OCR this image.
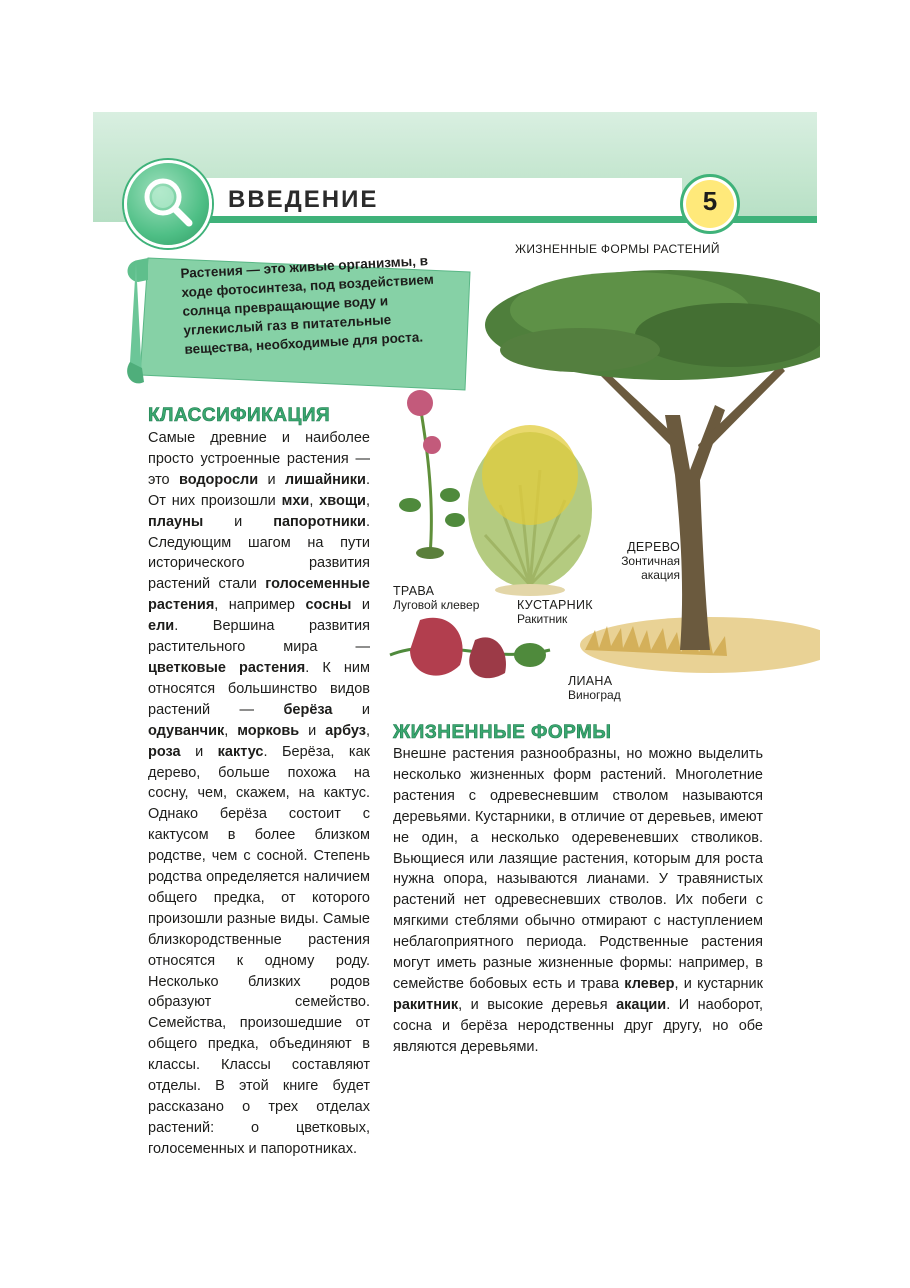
ВВЕДЕНИЕ	5
Растения — это живые организмы, в ходе фотосинтеза, под воздействием солнца превращающие воду и углекислый газ в питательные вещества, необходимые для роста.
ЖИЗНЕННЫЕ ФОРМЫ РАСТЕНИЙ
ДЕРЕВО
Зонтичная
акация
ТРАВА
Луговой клевер	КУСТАРНИК
Ракитник
ЛИАНА
Виноград
КЛАССИФИКАЦИЯ
Самые древние и наиболее просто устроенные растения — это водоросли и лишайники. От них произошли мхи, хвощи, плауны и папоротники. Следующим шагом на пути исторического развития растений стали голосеменные растения, например сосны и ели. Вершина развития растительного мира — цветковые растения. К ним относятся большинство видов растений — берёза и одуванчик, морковь и арбуз, роза и кактус. Берёза, как дерево, больше похожа на сосну, чем, скажем, на кактус. Однако берёза состоит с кактусом в более близком родстве, чем с сосной. Степень родства определяется наличием общего предка, от которого произошли разные виды. Самые близкородственные растения относятся к одному роду. Несколько близких родов образуют семейство. Семейства, произошедшие от общего предка, объединяют в классы. Классы составляют отделы. В этой книге будет рассказано о трех отделах растений: о цветковых, голосеменных и папоротниках.
ЖИЗНЕННЫЕ ФОРМЫ
Внешне растения разнообразны, но можно выделить несколько жизненных форм растений. Многолетние растения с одревесневшим стволом называются деревьями. Кустарники, в отличие от деревьев, имеют не один, а несколько одеревеневших стволиков. Вьющиеся или лазящие растения, которым для роста нужна опора, называются лианами. У травянистых растений нет одревесневших стволов. Их побеги с мягкими стеблями обычно отмирают с наступлением неблагоприятного периода. Родственные растения могут иметь разные жизненные формы: например, в семействе бобовых есть и трава клевер, и кустарник ракитник, и высокие деревья акации. И наоборот, сосна и берёза неродственны друг другу, но обе являются деревьями.
